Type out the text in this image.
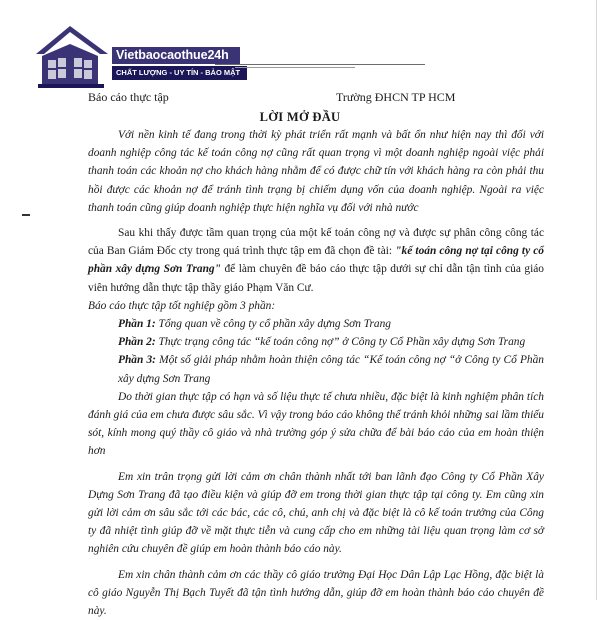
Vietbaocaothue24h
CHẤT LƯỢNG - UY TÍN - BẢO MẬT
Báo cáo thực tập	Trường ĐHCN TP HCM
LỜI MỞ ĐẦU

Với nền kinh tế đang trong thời kỳ phát triển rất mạnh và bất ổn như hiện nay thì đối với doanh nghiệp công tác kế toán công nợ cũng rất quan trọng vì một doanh nghiệp ngoài việc phải thanh toán các khoản nợ cho khách hàng nhằm để có được chữ tín với khách hàng ra còn phải thu hồi được các khoản nợ để tránh tình trạng bị chiếm dụng vốn của doanh nghiệp. Ngoài ra việc thanh toán cũng giúp doanh nghiệp thực hiện nghĩa vụ đối với nhà nước

Sau khi thấy được tầm quan trọng của một kế toán công nợ và được sự phân công công tác của Ban Giám Đốc cty trong quá trình thực tập em đã chọn đề tài: "kế toán công nợ tại công ty cổ phần xây dựng Sơn Trang" để làm chuyên đề báo cáo thực tập dưới sự chỉ dẫn tận tình của giáo viên hướng dẫn thực tập thầy giáo Phạm Văn Cư.

Báo cáo thực tập tốt nghiệp gồm 3 phần:

Phần 1: Tổng quan về công ty cổ phần xây dựng Sơn Trang

Phần 2: Thực trạng công tác “kế toán công nợ” ở Công ty Cổ Phần xây dựng Sơn Trang

Phần 3: Một số giải pháp nhằm hoàn thiện công tác “Kế toán công nợ “ở Công ty Cổ Phần xây dựng Sơn Trang

Do thời gian thực tập có hạn và số liệu thực tế chưa nhiều, đặc biệt là kinh nghiệm phân tích đánh giá của em chưa được sâu sắc. Vì vậy trong báo cáo không thể tránh khỏi những sai lầm thiếu sót, kính mong quý thầy cô giáo và nhà trường góp ý sửa chữa để bài báo cáo của em hoàn thiện hơn

Em xin trân trọng gửi lời cảm ơn chân thành nhất tới ban lãnh đạo Công ty Cổ Phần Xây Dựng Sơn Trang đã tạo điều kiện và giúp đỡ em trong thời gian thực tập tại công ty. Em cũng xin gửi lời cảm ơn sâu sắc tới các bác, các cô, chú, anh chị và đặc biệt là cô kế toán trưởng của Công ty đã nhiệt tình giúp đỡ về mặt thực tiễn và cung cấp cho em những tài liệu quan trọng làm cơ sở nghiên cứu chuyên đề giúp em hoàn thành báo cáo này.

Em xin chân thành cảm ơn các thầy cô giáo trường Đại Học Dân Lập Lạc Hồng, đặc biệt là cô giáo Nguyễn Thị Bạch Tuyết đã tận tình hướng dẫn, giúp đỡ em hoàn thành báo cáo chuyên đề này.
